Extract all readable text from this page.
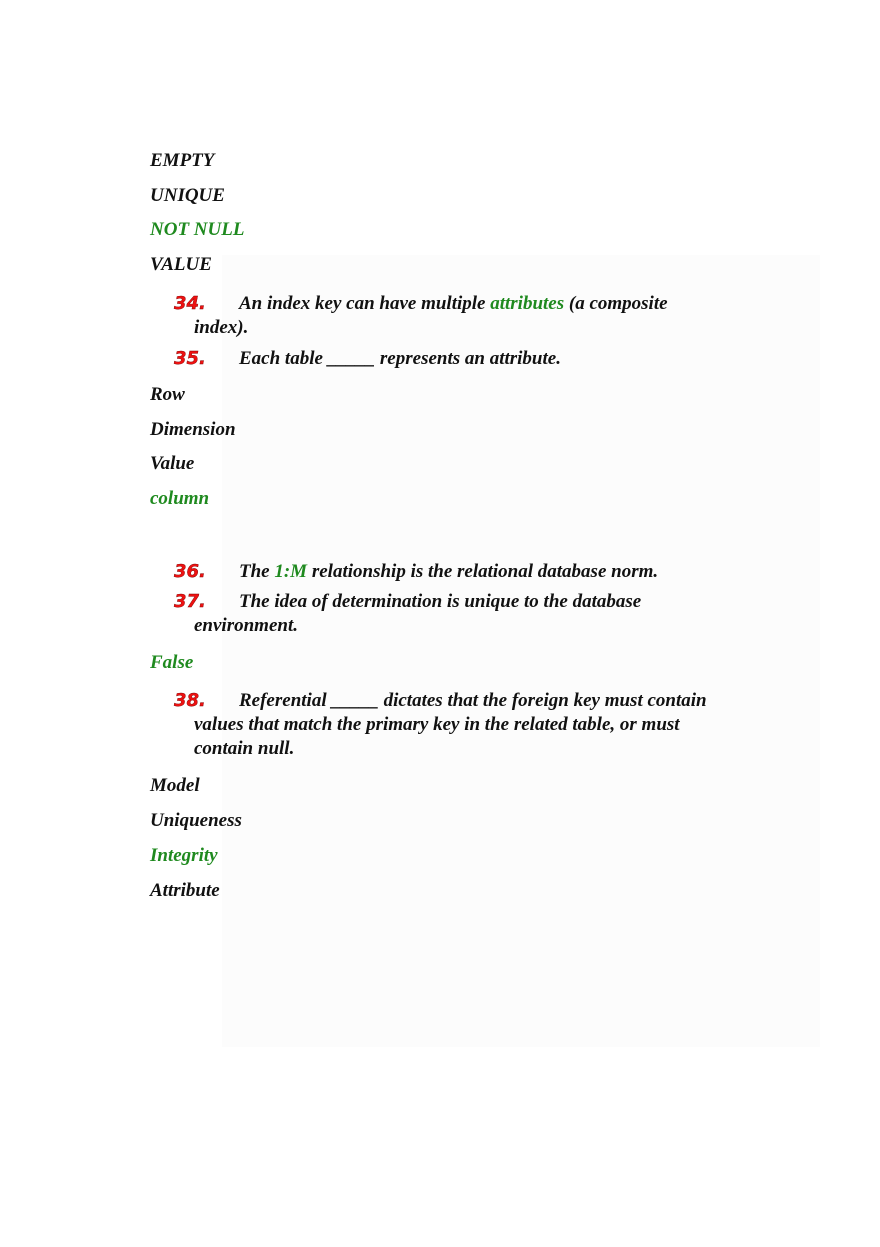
EMPTY
UNIQUE
NOT NULL
VALUE
34. An index key can have multiple attributes (a composite
index).
35. Each table _____ represents an attribute.
Row
Dimension
Value
column
36. The 1:M relationship is the relational database norm.
37. The idea of determination is unique to the database
environment.
False
38. Referential _____ dictates that the foreign key must contain
values that match the primary key in the related table, or must
contain null.
Model
Uniqueness
Integrity
Attribute
